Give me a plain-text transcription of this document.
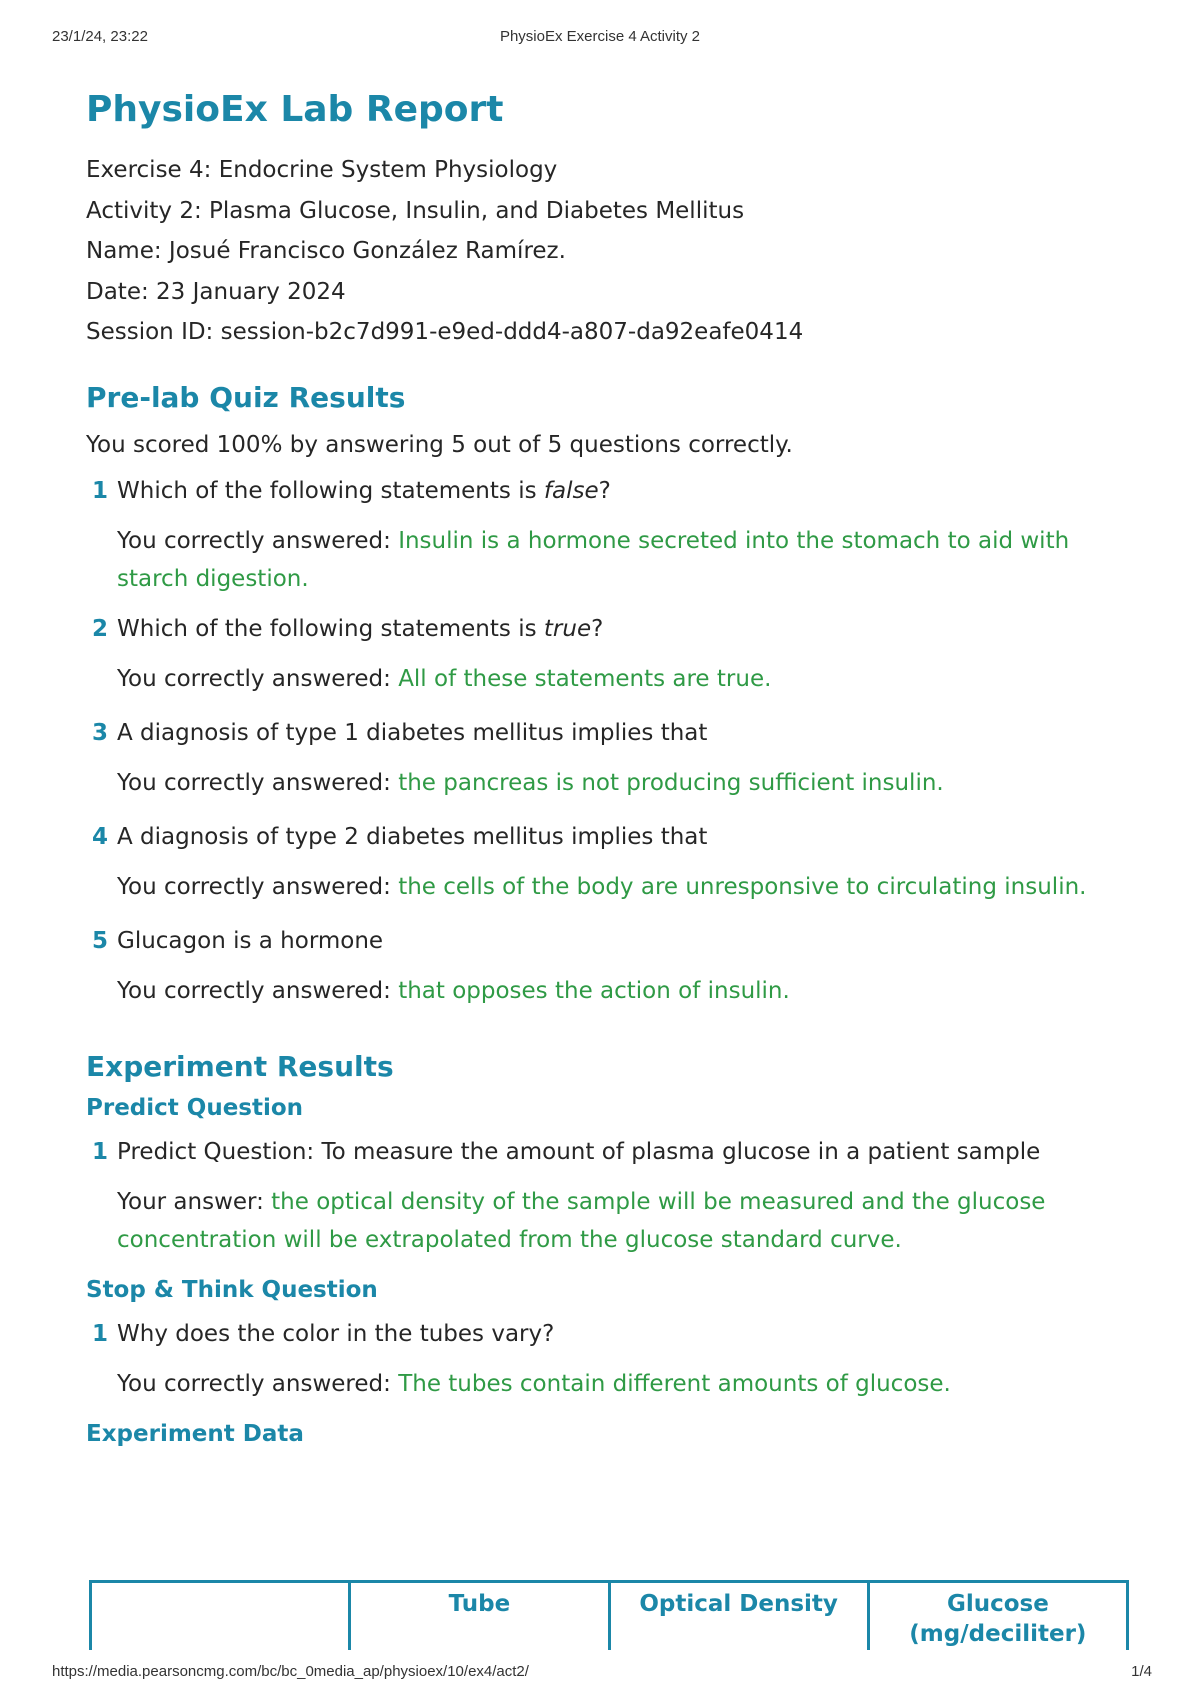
23/1/24, 23:22	PhysioEx Exercise 4 Activity 2
PhysioEx Lab Report
Exercise 4: Endocrine System Physiology
Activity 2: Plasma Glucose, Insulin, and Diabetes Mellitus
Name: Josué Francisco González Ramírez.
Date: 23 January 2024
Session ID: session-b2c7d991-e9ed-ddd4-a807-da92eafe0414
Pre-lab Quiz Results
You scored 100% by answering 5 out of 5 questions correctly.
1 Which of the following statements is false?
You correctly answered: Insulin is a hormone secreted into the stomach to aid with starch digestion.
2 Which of the following statements is true?
You correctly answered: All of these statements are true.
3 A diagnosis of type 1 diabetes mellitus implies that
You correctly answered: the pancreas is not producing sufficient insulin.
4 A diagnosis of type 2 diabetes mellitus implies that
You correctly answered: the cells of the body are unresponsive to circulating insulin.
5 Glucagon is a hormone
You correctly answered: that opposes the action of insulin.
Experiment Results
Predict Question
1 Predict Question: To measure the amount of plasma glucose in a patient sample
Your answer: the optical density of the sample will be measured and the glucose concentration will be extrapolated from the glucose standard curve.
Stop & Think Question
1 Why does the color in the tubes vary?
You correctly answered: The tubes contain different amounts of glucose.
Experiment Data
	Tube	Optical Density	Glucose (mg/deciliter)
https://media.pearsoncmg.com/bc/bc_0media_ap/physioex/10/ex4/act2/	1/4
